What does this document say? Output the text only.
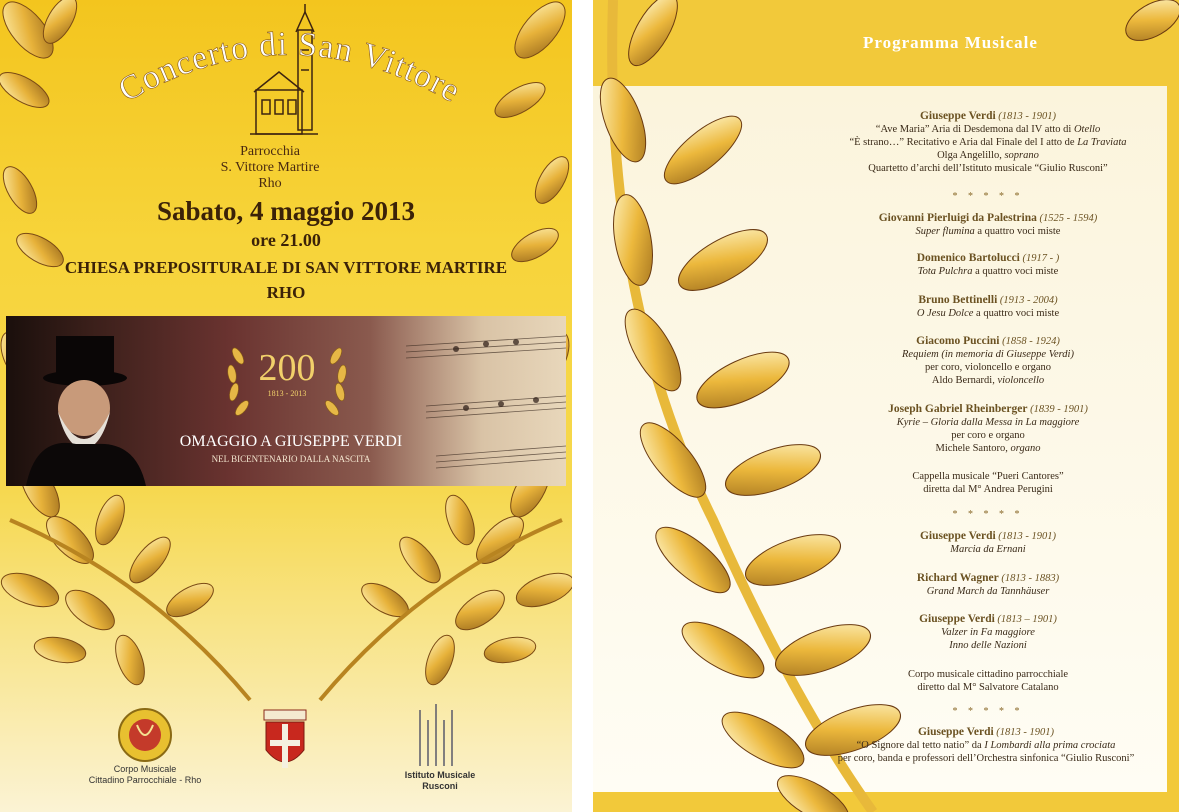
Concerto di San Vittore
Parrocchia
S. Vittore Martire
Rho
Sabato, 4 maggio 2013
ore 21.00
CHIESA PREPOSITURALE DI SAN VITTORE MARTIRE
RHO
200
1813 - 2013
OMAGGIO A GIUSEPPE VERDI
NEL BICENTENARIO DALLA NASCITA
Corpo Musicale
Cittadino Parrocchiale - Rho	Istituto Musicale Rusconi
Programma Musicale
Giuseppe Verdi (1813 - 1901)
“Ave Maria” Aria di Desdemona dal IV atto di Otello
“È strano…” Recitativo e Aria dal Finale del I atto de La Traviata
Olga Angelillo, soprano
Quartetto d’archi dell’Istituto musicale “Giulio Rusconi”
* * * * *
Giovanni Pierluigi da Palestrina (1525 - 1594)
Super flumina a quattro voci miste
Domenico Bartolucci (1917 - )
Tota Pulchra a quattro voci miste
Bruno Bettinelli (1913 - 2004)
O Jesu Dolce a quattro voci miste
Giacomo Puccini (1858 - 1924)
Requiem (in memoria di Giuseppe Verdi)
per coro, violoncello e organo
Aldo Bernardi, violoncello
Joseph Gabriel Rheinberger (1839 - 1901)
Kyrie – Gloria dalla Messa in La maggiore
per coro e organo
Michele Santoro, organo
Cappella musicale “Pueri Cantores”
diretta dal M° Andrea Perugini
* * * * *
Giuseppe Verdi (1813 - 1901)
Marcia da Ernani
Richard Wagner (1813 - 1883)
Grand March da Tannhäuser
Giuseppe Verdi (1813 – 1901)
Valzer in Fa maggiore
Inno delle Nazioni
Corpo musicale cittadino parrocchiale
diretto dal M° Salvatore Catalano
* * * * *
Giuseppe Verdi (1813 - 1901)
“O Signore dal tetto natio” da I Lombardi alla prima crociata
per coro, banda e professori dell’Orchestra sinfonica “Giulio Rusconi”
